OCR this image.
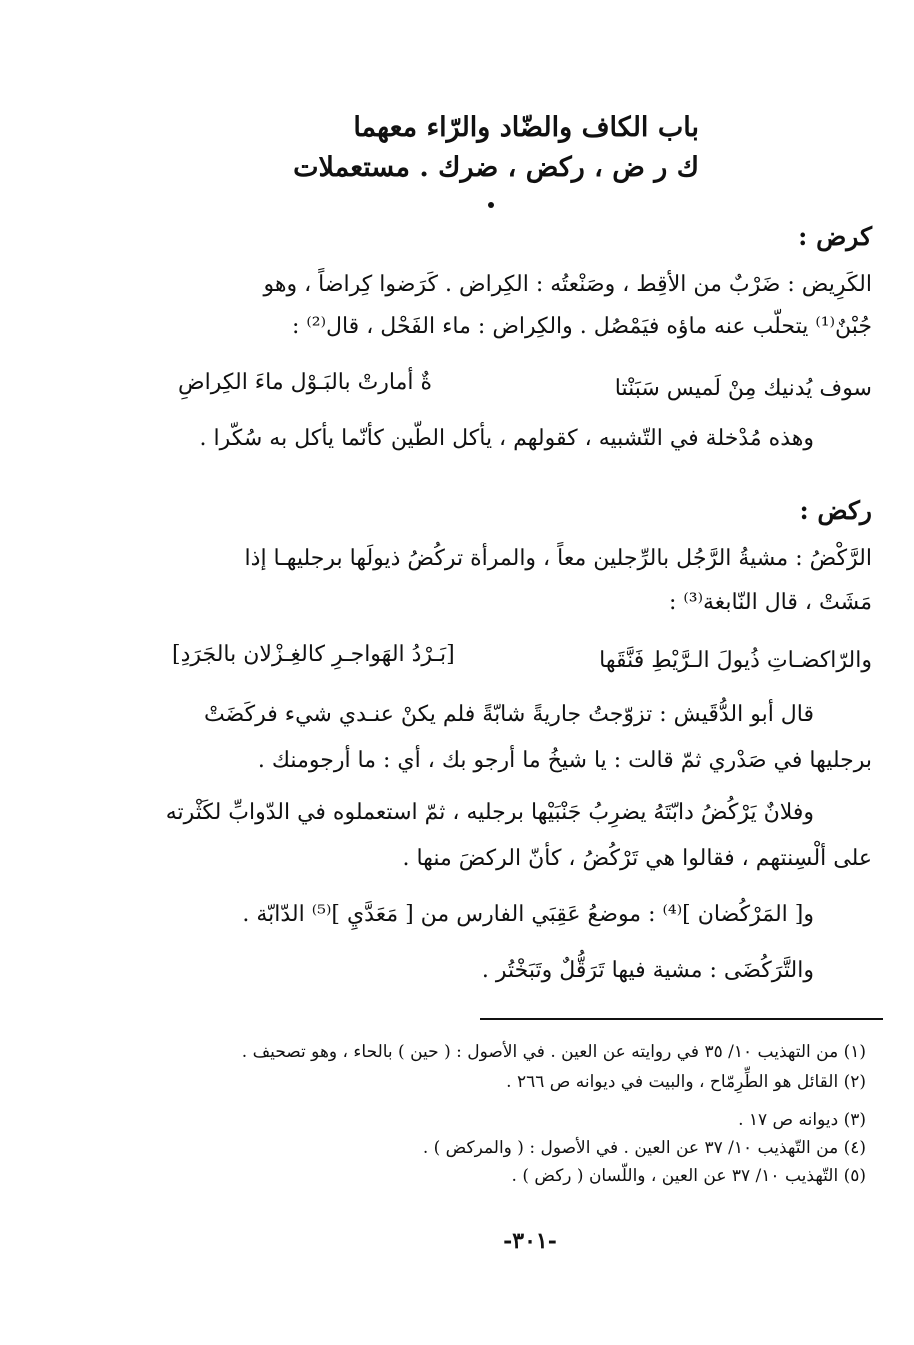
باب الكاف والضّاد والرّاء معهما
ك ر ض ، ركض ، ضرك . مستعملات
كرض :
الكَرِيض : ضَرْبٌ من الأقِط ، وصَنْعتُه : الكِراض . كَرَضوا كِراضاً ، وهو
جُبْنٌ⁽¹⁾ يتحلّب عنه ماؤه فيَمْصُل . والكِراض : ماء الفَحْل ، قال⁽²⁾ :
سوف يُدنيك مِنْ لَميس سَبَنْتا
ةٌ أمارتْ بالبَـوْل ماءَ الكِراضِ
وهذه مُدْخلة في التّشبيه ، كقولهم ، يأكل الطّين كأنّما يأكل به سُكّرا .
ركض :
الرَّكْضُ : مشيةُ الرَّجُل بالرِّجلين معاً ، والمرأة تركُضُ ذيولَها برجليهـا إذا
مَشَتْ ، قال النّابغة⁽³⁾ :
والرّاكضـاتِ ذُيولَ الـرَّيْطِ فَنَّقَها
[بَـرْدُ الهَواجـرِ كالغِـزْلان بالجَرَدِ]
قال أبو الدُّقَيش : تزوّجتُ جاريةً شابّةً فلم يكنْ عنـدي شيء فركَضَتْ
برجليها في صَدْري ثمّ قالت : يا شيخُ ما أرجو بك ، أي : ما أرجومنك .
وفلانٌ يَرْكُضُ دابّتَهُ يضرِبُ جَنْبَيْها برجليه ، ثمّ استعملوه في الدّوابِّ لكَثْرته
على ألْسِنتهم ، فقالوا هي تَرْكُضُ ، كأنّ الركضَ منها .
و[ المَرْكُضان ]⁽⁴⁾ : موضعُ عَقِبَي الفارس من [ مَعَدَّيِ ]⁽⁵⁾ الدّابّة .
والتَّرَكُضَى : مشية فيها تَرَقُّلٌ وتَبَخْتُر .
(١) من التهذيب ١٠/ ٣٥ في روايته عن العين . في الأصول : ( حين ) بالحاء ، وهو تصحيف .
(٢) القائل هو الطِّرِمّاح ، والبيت في ديوانه ص ٢٦٦ .
(٣) ديوانه ص ١٧ .
(٤) من التّهذيب ١٠/ ٣٧ عن العين . في الأصول : ( والمركض ) .
(٥) التّهذيب ١٠/ ٣٧ عن العين ، واللّسان ( ركض ) .
-٣٠١-
